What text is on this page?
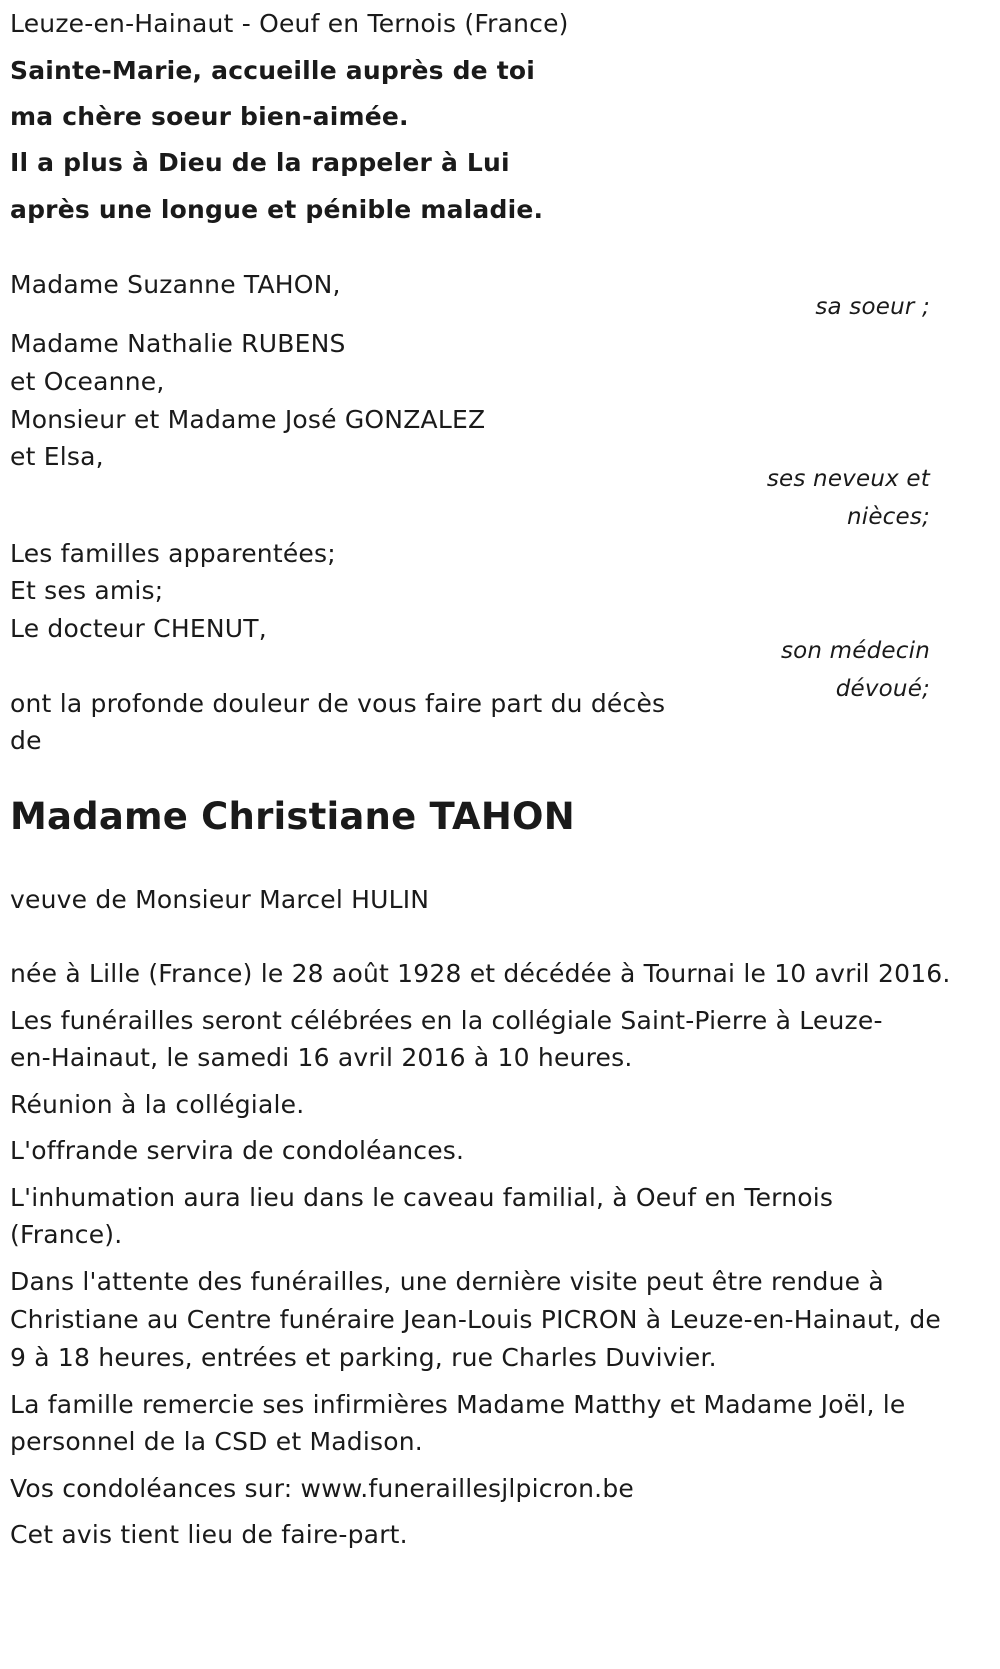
Leuze-en-Hainaut - Oeuf en Ternois (France)
Sainte-Marie, accueille auprès de toi
ma chère soeur bien-aimée.
Il a plus à Dieu de la rappeler à Lui
après une longue et pénible maladie.
Madame Suzanne TAHON,
sa soeur ;
Madame Nathalie RUBENS
et Oceanne,
Monsieur et Madame José GONZALEZ
et Elsa,
ses neveux et
nièces;
Les familles apparentées;
Et ses amis;
Le docteur CHENUT,
son médecin
dévoué;
ont la profonde douleur de vous faire part du décès
de
Madame Christiane TAHON
veuve de Monsieur Marcel HULIN
née à Lille (France) le 28 août 1928 et décédée à Tournai le 10 avril 2016.
Les funérailles seront célébrées en la collégiale Saint-Pierre à Leuze-
en-Hainaut, le samedi 16 avril 2016 à 10 heures.
Réunion à la collégiale.
L'offrande servira de condoléances.
L'inhumation aura lieu dans le caveau familial, à Oeuf en Ternois
(France).
Dans l'attente des funérailles, une dernière visite peut être rendue à
Christiane au Centre funéraire Jean-Louis PICRON à Leuze-en-Hainaut, de
9 à 18 heures, entrées et parking, rue Charles Duvivier.
La famille remercie ses infirmières Madame Matthy et Madame Joël, le
personnel de la CSD et Madison.
Vos condoléances sur: www.funeraillesjlpicron.be
Cet avis tient lieu de faire-part.
